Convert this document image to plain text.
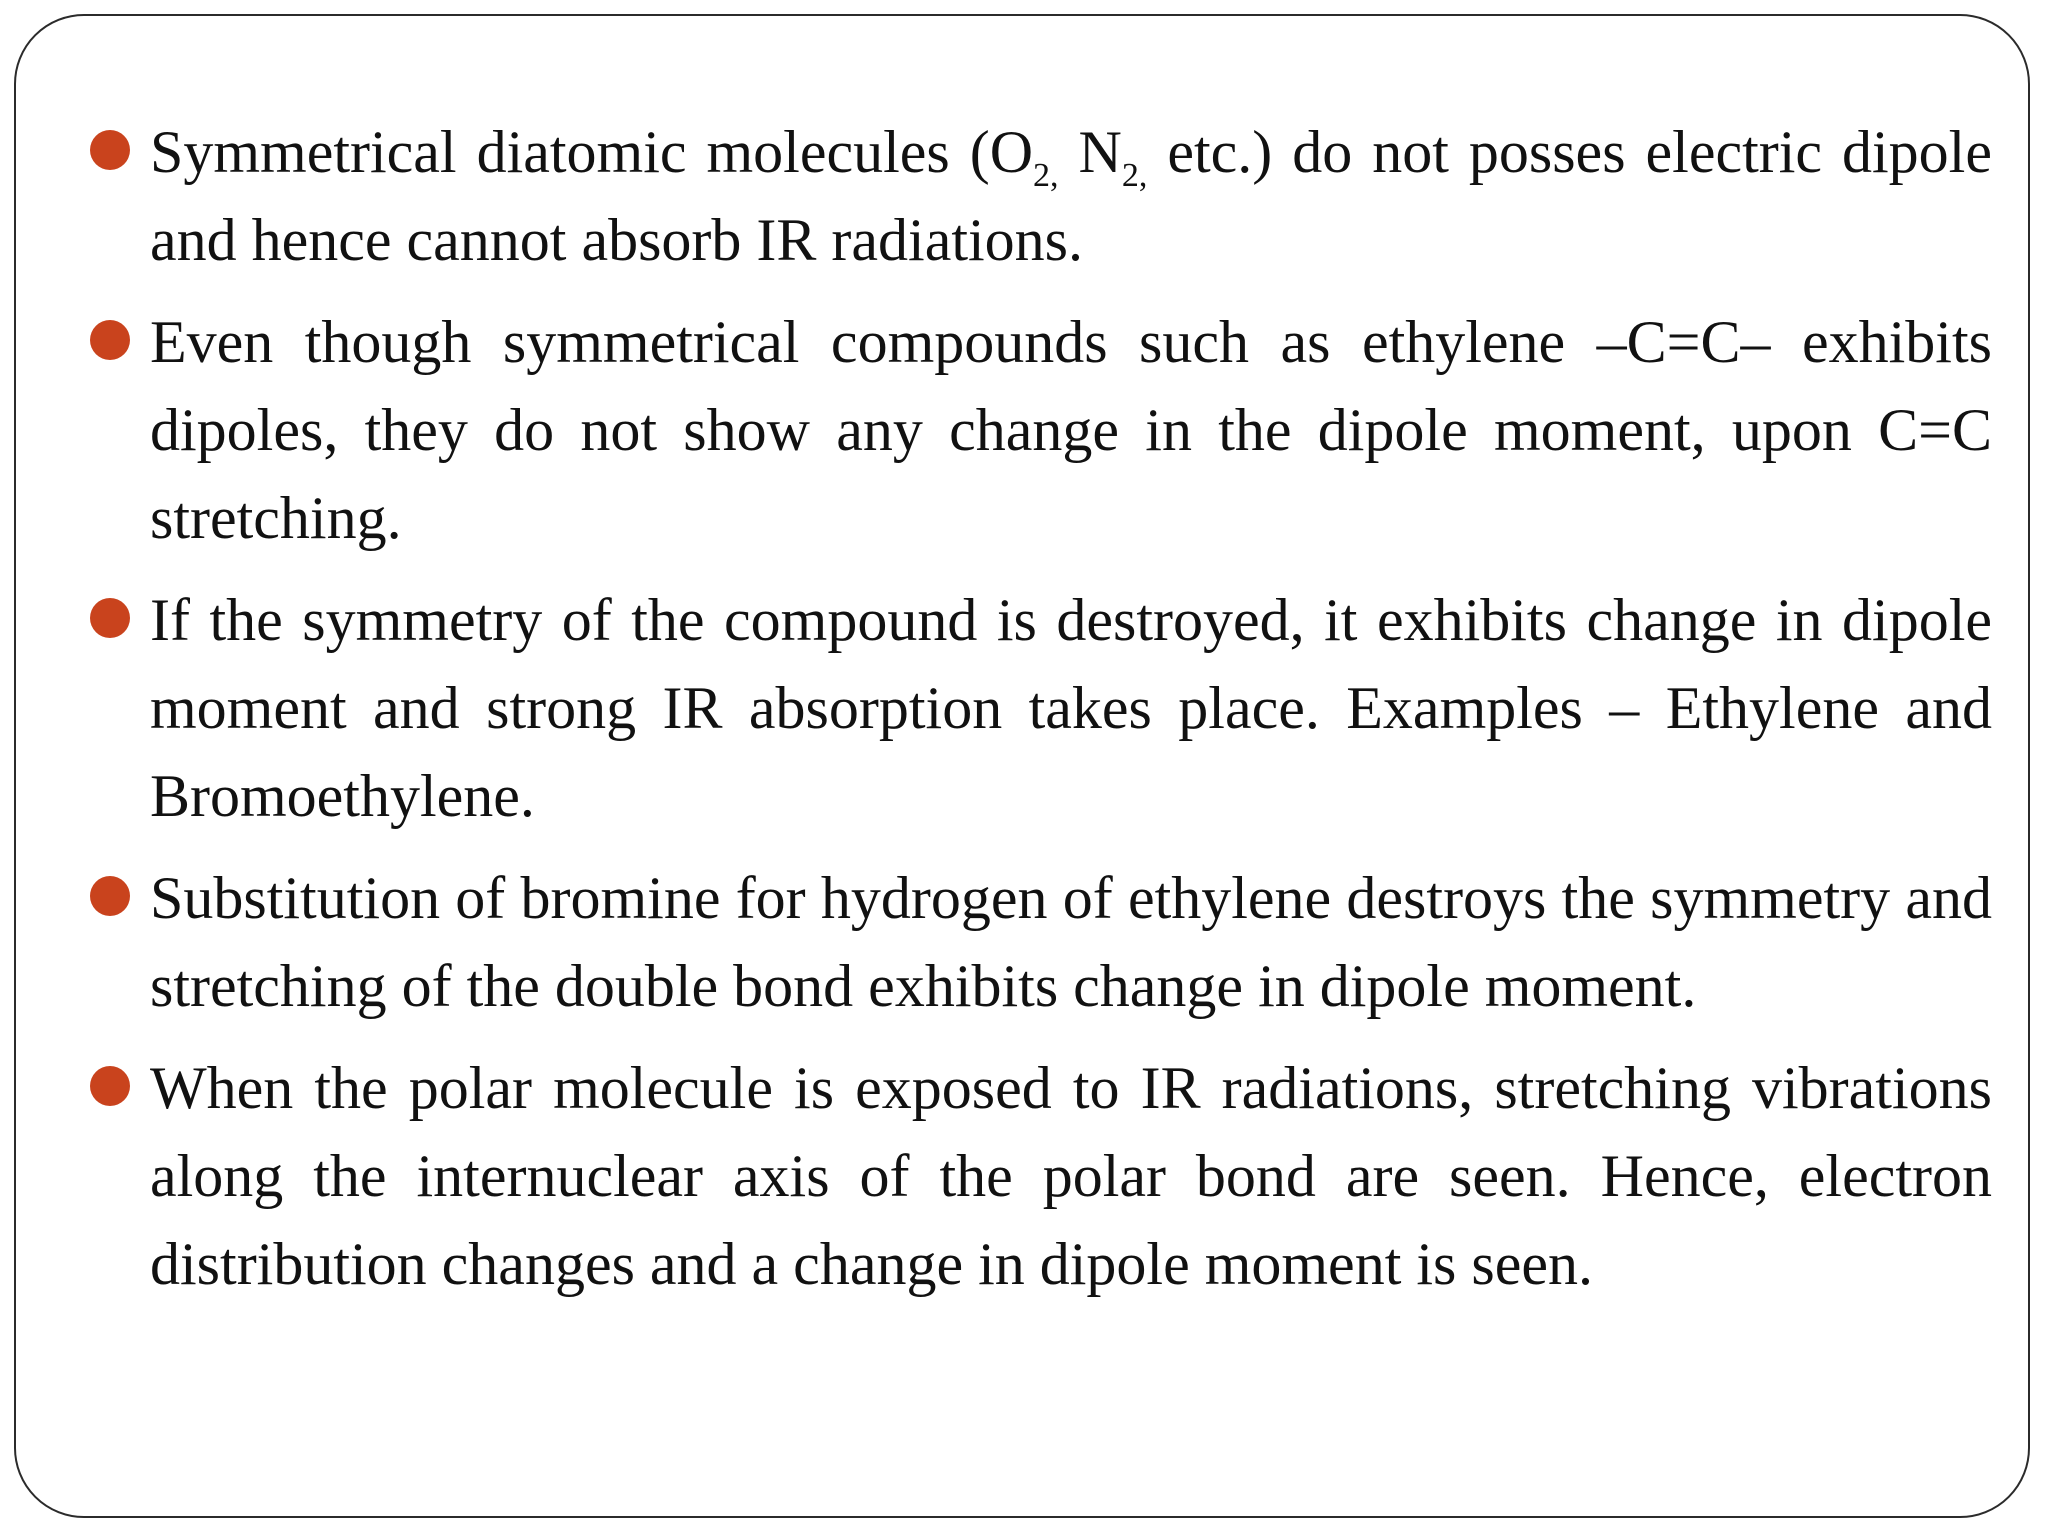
Symmetrical diatomic molecules ($O_{2,}$ $N_{2,}$ etc.) do not posses electric dipole and hence cannot absorb IR radiations.
Even though symmetrical compounds such as ethylene –C=C– exhibits dipoles, they do not show any change in the dipole moment, upon C=C stretching.
If the symmetry of the compound is destroyed, it exhibits change in dipole moment and strong IR absorption takes place. Examples – Ethylene and Bromoethylene.
Substitution of bromine for hydrogen of ethylene destroys the symmetry and stretching of the double bond exhibits change in dipole moment.
When the polar molecule is exposed to IR radiations, stretching vibrations along the internuclear axis of the polar bond are seen. Hence, electron distribution changes and a change in dipole moment is seen.
